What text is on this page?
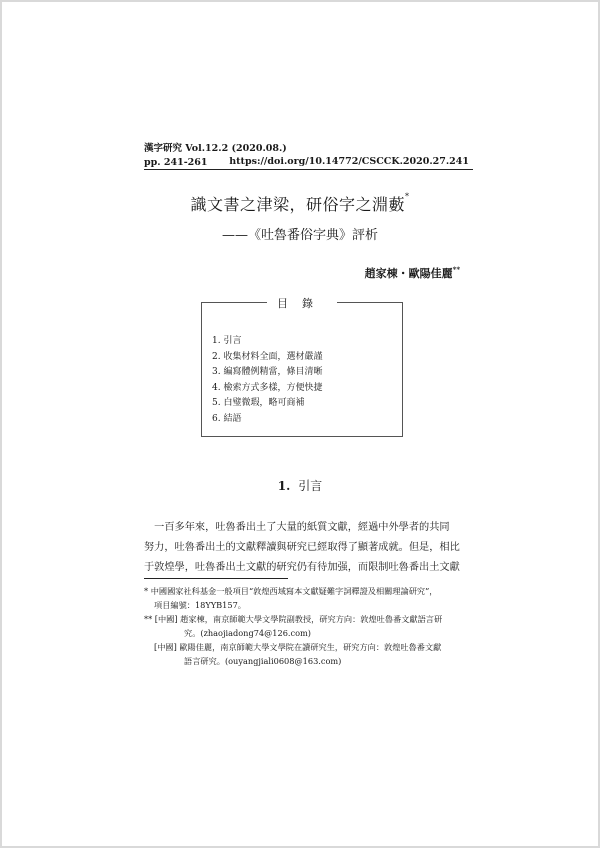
漢字研究 Vol.12.2 (2020.08.)
pp. 241-261	https://doi.org/10.14772/CSCCK.2020.27.241
識文書之津梁，研俗字之淵藪*
——《吐魯番俗字典》評析
趙家棟・歐陽佳麗**
目錄
1. 引言
2. 收集材料全面，選材嚴謹
3. 編寫體例精當，條目清晰
4. 檢索方式多樣，方便快捷
5. 白璧微瑕，略可商補
6. 結語
1. 引言
　一百多年來，吐魯番出土了大量的紙質文獻，經過中外學者的共同
努力，吐魯番出土的文獻釋讀與研究已經取得了顯著成就。但是，相比
于敦煌學，吐魯番出土文獻的研究仍有待加强，而限制吐魯番出土文獻
* 中國國家社科基金一般項目“敦煌西域寫本文獻疑難字詞釋證及相關理論研究”，
項目編號：18YYB157。
** [中國] 趙家棟，南京師範大學文學院副教授，研究方向：敦煌吐魯番文獻語言研
究。(zhaojiadong74@126.com)
[中國] 歐陽佳麗，南京師範大學文學院在讀研究生，研究方向：敦煌吐魯番文獻
語言研究。(ouyangjiali0608@163.com)
